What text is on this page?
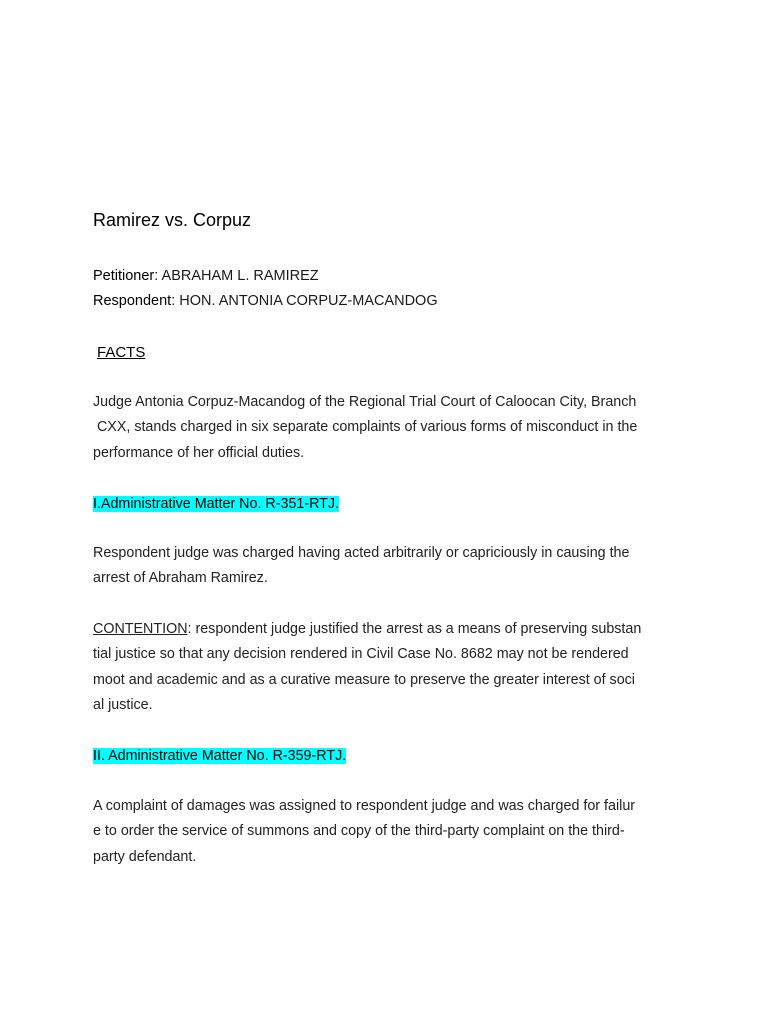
Ramirez vs. Corpuz
Petitioner: ABRAHAM L. RAMIREZ
Respondent: HON. ANTONIA CORPUZ-MACANDOG
FACTS
Judge Antonia Corpuz-Macandog of the Regional Trial Court of Caloocan City, Branch
CXX, stands charged in six separate complaints of various forms of misconduct in the
performance of her official duties.
I.Administrative Matter No. R-351-RTJ.
Respondent judge was charged having acted arbitrarily or capriciously in causing the
arrest of Abraham Ramirez.
CONTENTION: respondent judge justified the arrest as a means of preserving substan
tial justice so that any decision rendered in Civil Case No. 8682 may not be rendered
moot and academic and as a curative measure to preserve the greater interest of soci
al justice.
II. Administrative Matter No. R-359-RTJ.
A complaint of damages was assigned to respondent judge and was charged for failur
e to order the service of summons and copy of the third-party complaint on the third-
party defendant.
